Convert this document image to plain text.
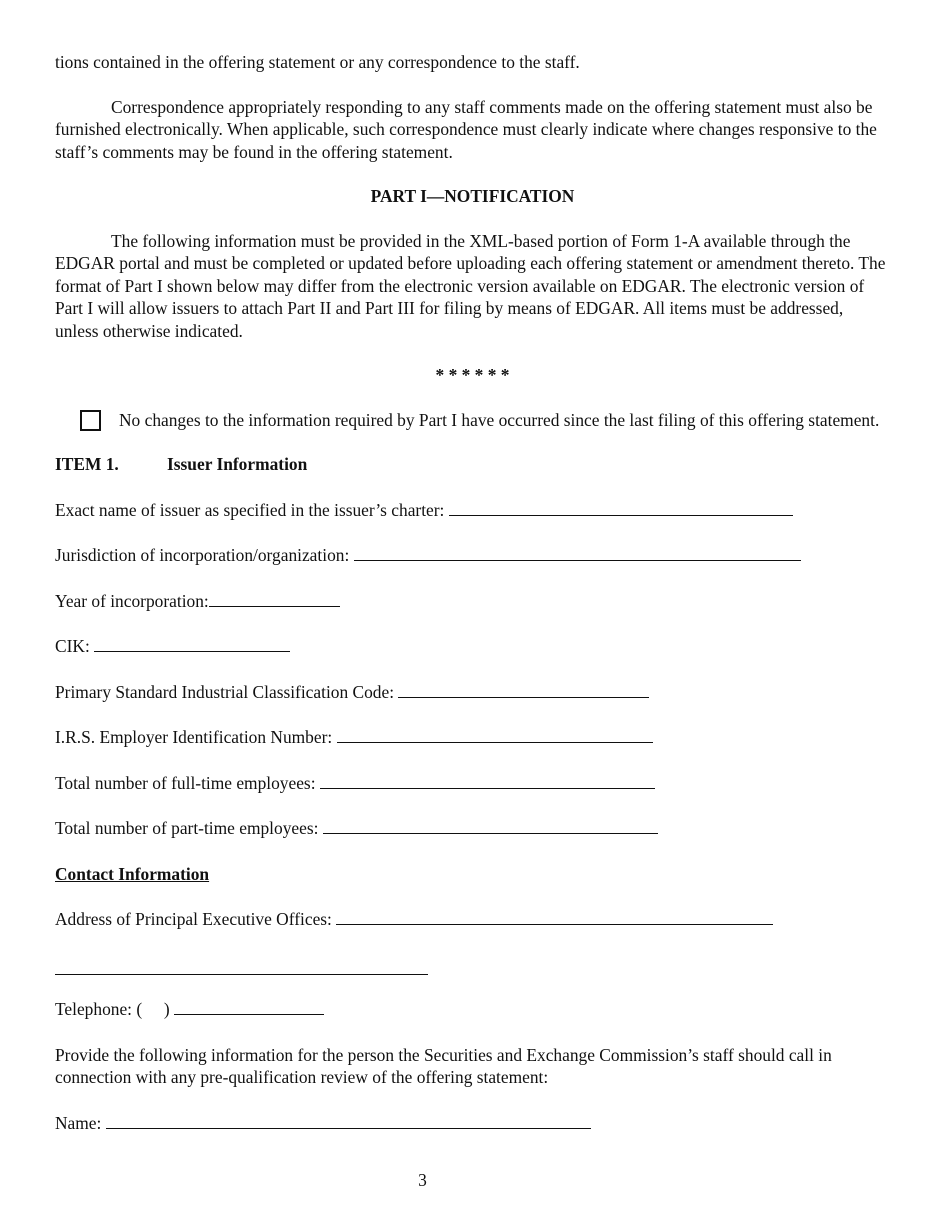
tions contained in the offering statement or any correspondence to the staff.

Correspondence appropriately responding to any staff comments made on the offering statement must also be furnished electronically. When applicable, such correspondence must clearly indicate where changes responsive to the staff’s comments may be found in the offering statement.

PART I—NOTIFICATION

The following information must be provided in the XML-based portion of Form 1-A available through the EDGAR portal and must be completed or updated before uploading each offering statement or amendment thereto. The format of Part I shown below may differ from the electronic version available on EDGAR. The electronic version of Part I will allow issuers to attach Part II and Part III for filing by means of EDGAR. All items must be addressed, unless otherwise indicated.

* * * * * *

No changes to the information required by Part I have occurred since the last filing of this offering statement.

ITEM 1.	Issuer Information

Exact name of issuer as specified in the issuer’s charter:

Jurisdiction of incorporation/organization:

Year of incorporation:

CIK:

Primary Standard Industrial Classification Code:

I.R.S. Employer Identification Number:

Total number of full-time employees:

Total number of part-time employees:

Contact Information

Address of Principal Executive Offices:

Telephone: (     )

Provide the following information for the person the Securities and Exchange Commission’s staff should call in connection with any pre-qualification review of the offering statement:

Name:

3
